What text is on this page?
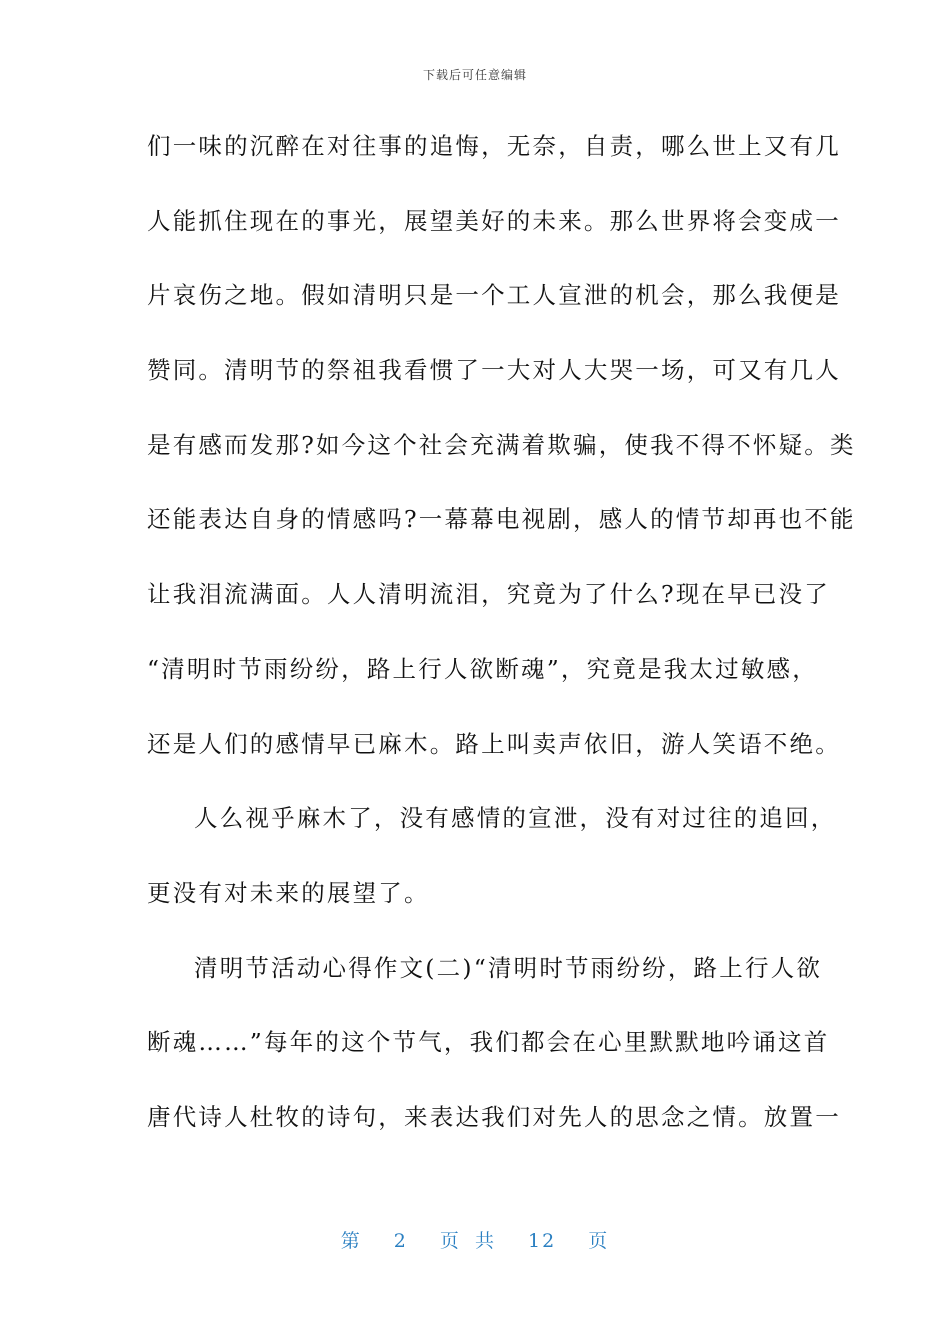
下载后可任意编辑
们一味的沉醉在对往事的追悔，无奈，自责，哪么世上又有几
人能抓住现在的事光，展望美好的未来。那么世界将会变成一
片哀伤之地。假如清明只是一个工人宣泄的机会，那么我便是
赞同。清明节的祭祖我看惯了一大对人大哭一场，可又有几人
是有感而发那?如今这个社会充满着欺骗，使我不得不怀疑。类
还能表达自身的情感吗?一幕幕电视剧，感人的情节却再也不能
让我泪流满面。人人清明流泪，究竟为了什么?现在早已没了
“清明时节雨纷纷，路上行人欲断魂”，究竟是我太过敏感，
还是人们的感情早已麻木。路上叫卖声依旧，游人笑语不绝。
人么视乎麻木了，没有感情的宣泄，没有对过往的追回，
更没有对未来的展望了。
清明节活动心得作文(二)“清明时节雨纷纷，路上行人欲
断魂……”每年的这个节气，我们都会在心里默默地吟诵这首
唐代诗人杜牧的诗句，来表达我们对先人的思念之情。放置一
第 2 页 共 12 页
